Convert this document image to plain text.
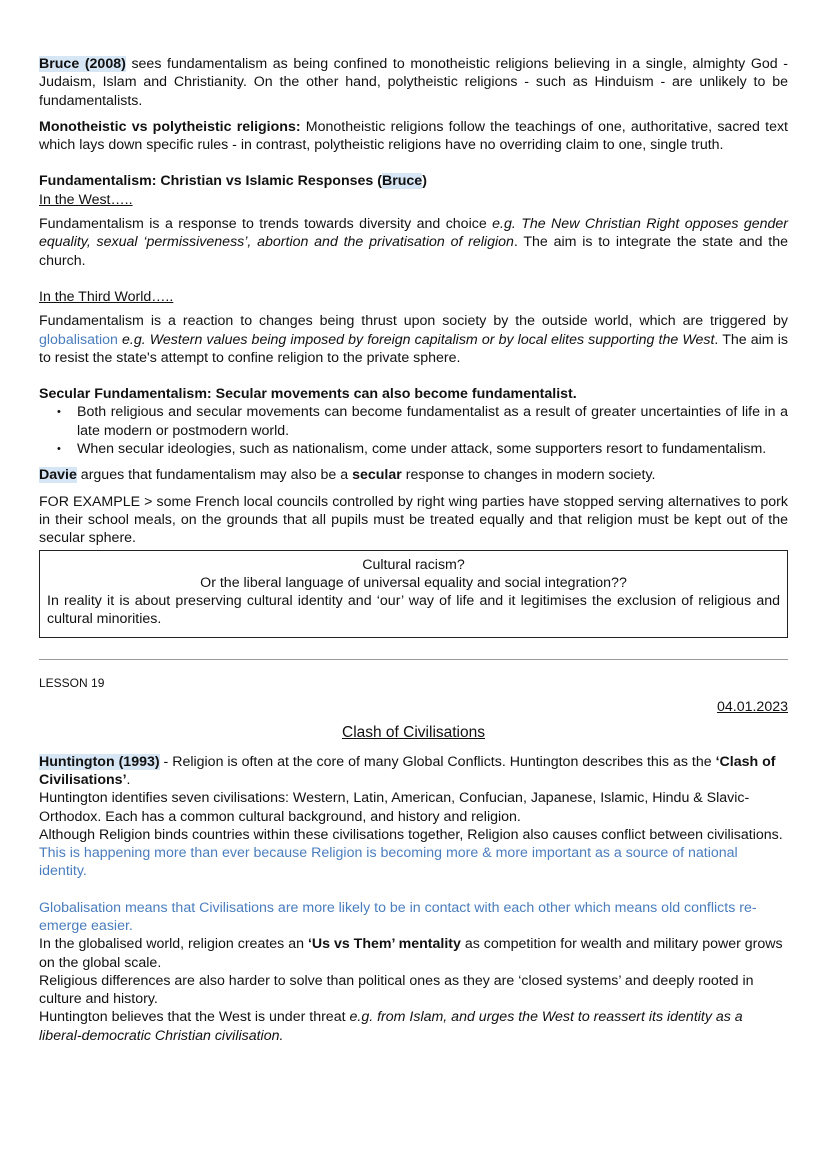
Bruce (2008) sees fundamentalism as being confined to monotheistic religions believing in a single, almighty God - Judaism, Islam and Christianity. On the other hand, polytheistic religions - such as Hinduism - are unlikely to be fundamentalists.

Monotheistic vs polytheistic religions: Monotheistic religions follow the teachings of one, authoritative, sacred text which lays down specific rules - in contrast, polytheistic religions have no overriding claim to one, single truth.

Fundamentalism: Christian vs Islamic Responses (Bruce)

In the West…..

Fundamentalism is a response to trends towards diversity and choice e.g. The New Christian Right opposes gender equality, sexual ‘permissiveness’, abortion and the privatisation of religion. The aim is to integrate the state and the church.

In the Third World…..

Fundamentalism is a reaction to changes being thrust upon society by the outside world, which are triggered by globalisation e.g. Western values being imposed by foreign capitalism or by local elites supporting the West. The aim is to resist the state's attempt to confine religion to the private sphere.

Secular Fundamentalism: Secular movements can also become fundamentalist.

• Both religious and secular movements can become fundamentalist as a result of greater uncertainties of life in a late modern or postmodern world.
• When secular ideologies, such as nationalism, come under attack, some supporters resort to fundamentalism.

Davie argues that fundamentalism may also be a secular response to changes in modern society.

FOR EXAMPLE > some French local councils controlled by right wing parties have stopped serving alternatives to pork in their school meals, on the grounds that all pupils must be treated equally and that religion must be kept out of the secular sphere.

Cultural racism?

Or the liberal language of universal equality and social integration??

In reality it is about preserving cultural identity and ‘our’ way of life and it legitimises the exclusion of religious and cultural minorities.

LESSON 19

04.01.2023

Clash of Civilisations

Huntington (1993) - Religion is often at the core of many Global Conflicts. Huntington describes this as the ‘Clash of Civilisations’.

Huntington identifies seven civilisations: Western, Latin, American, Confucian, Japanese, Islamic, Hindu & Slavic-Orthodox. Each has a common cultural background, and history and religion.

Although Religion binds countries within these civilisations together, Religion also causes conflict between civilisations.

This is happening more than ever because Religion is becoming more & more important as a source of national identity.

Globalisation means that Civilisations are more likely to be in contact with each other which means old conflicts re-emerge easier.

In the globalised world, religion creates an ‘Us vs Them’ mentality as competition for wealth and military power grows on the global scale.

Religious differences are also harder to solve than political ones as they are ‘closed systems’ and deeply rooted in culture and history.

Huntington believes that the West is under threat e.g. from Islam, and urges the West to reassert its identity as a liberal-democratic Christian civilisation.
